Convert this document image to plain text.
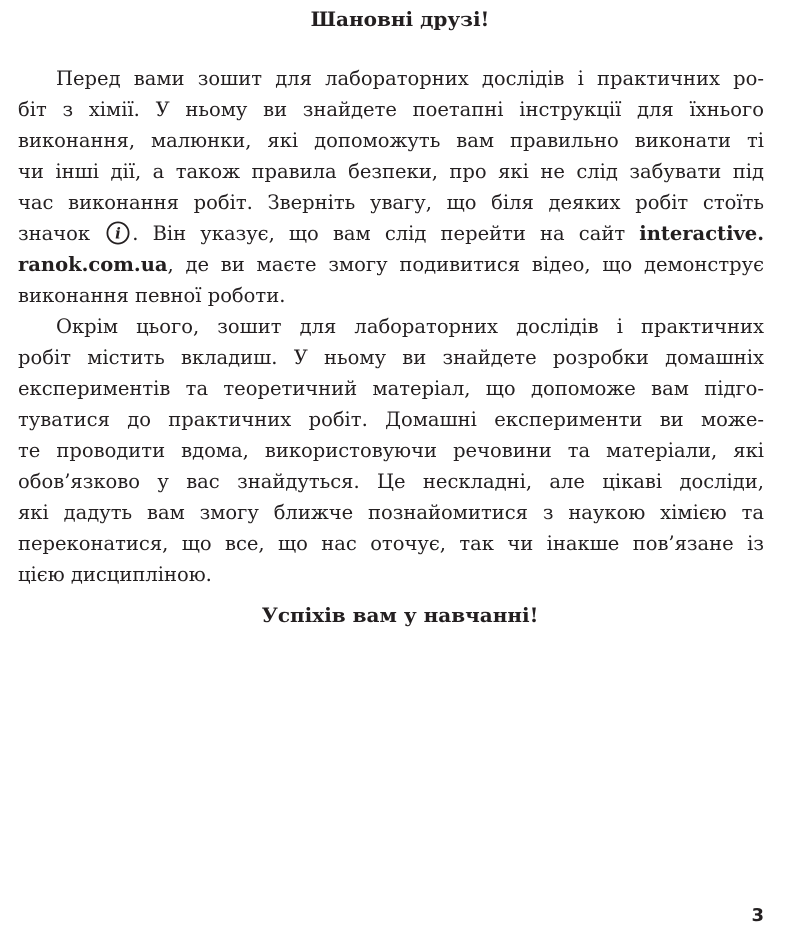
Шановні друзі!
Перед вами зошит для лабораторних дослідів і практичних ро-
біт з хімії. У ньому ви знайдете поетапні інструкції для їхнього
виконання, малюнки, які допоможуть вам правильно виконати ті
чи інші дії, а також правила безпеки, про які не слід забувати під
час виконання робіт. Зверніть увагу, що біля деяких робіт стоїть
значок i . Він указує, що вам слід перейти на сайт interactive.
ranok.com.ua, де ви маєте змогу подивитися відео, що демонструє
виконання певної роботи.
Окрім цього, зошит для лабораторних дослідів і практичних
робіт містить вкладиш. У ньому ви знайдете розробки домашніх
експериментів та теоретичний матеріал, що допоможе вам підго-
туватися до практичних робіт. Домашні експерименти ви може-
те проводити вдома, використовуючи речовини та матеріали, які
обов’язково у вас знайдуться. Це нескладні, але цікаві досліди,
які дадуть вам змогу ближче познайомитися з наукою хімією та
переконатися, що все, що нас оточує, так чи інакше пов’язане із
цією дисципліною.
Успіхів вам у навчанні!
3
